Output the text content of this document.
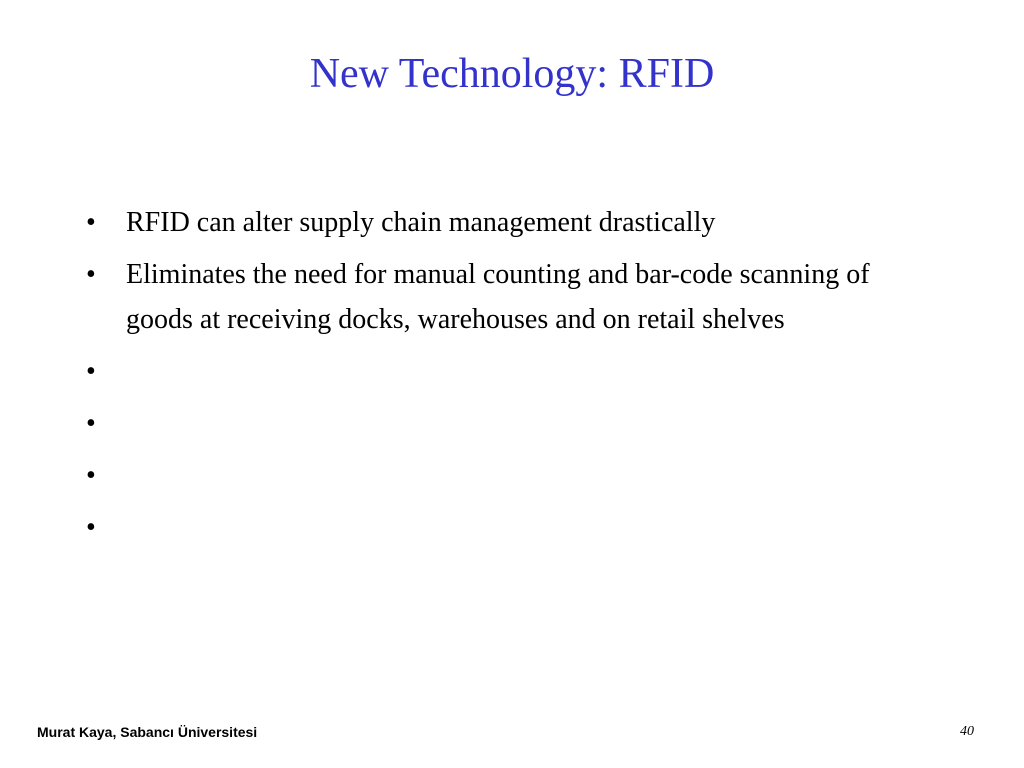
New Technology: RFID
•	RFID can alter supply chain management drastically
•	Eliminates the need for manual counting and bar-code scanning of goods at receiving docks, warehouses and on retail shelves
•
•
•
•
Murat Kaya, Sabancı Üniversitesi	40
